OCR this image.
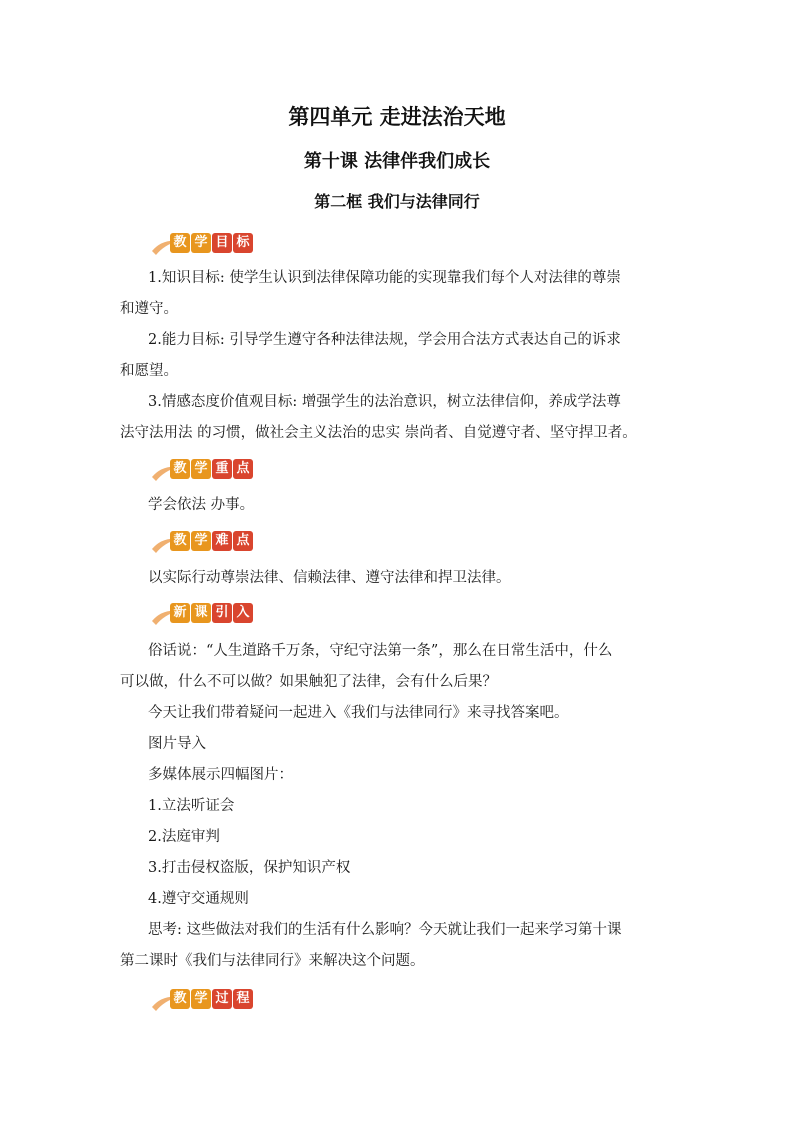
第四单元 走进法治天地
第十课 法律伴我们成长
第二框 我们与法律同行
教 学 目 标
1.知识目标: 使学生认识到法律保障功能的实现靠我们每个人对法律的尊崇
和遵守。
2.能力目标: 引导学生遵守各种法律法规，学会用合法方式表达自己的诉求
和愿望。
3.情感态度价值观目标: 增强学生的法治意识，树立法律信仰，养成学法尊
法守法用法 的习惯，做社会主义法治的忠实 崇尚者、自觉遵守者、坚守捍卫者。
教 学 重 点
学会依法 办事。
教 学 难 点
以实际行动尊崇法律、信赖法律、遵守法律和捍卫法律。
新 课 引 入
俗话说：“人生道路千万条，守纪守法第一条”，那么在日常生活中，什么
可以做，什么不可以做？如果触犯了法律，会有什么后果？
今天让我们带着疑问一起进入《我们与法律同行》来寻找答案吧。
图片导入
多媒体展示四幅图片：
1.立法听证会
2.法庭审判
3.打击侵权盗版，保护知识产权
4.遵守交通规则
思考: 这些做法对我们的生活有什么影响？今天就让我们一起来学习第十课
第二课时《我们与法律同行》来解决这个问题。
教 学 过 程
